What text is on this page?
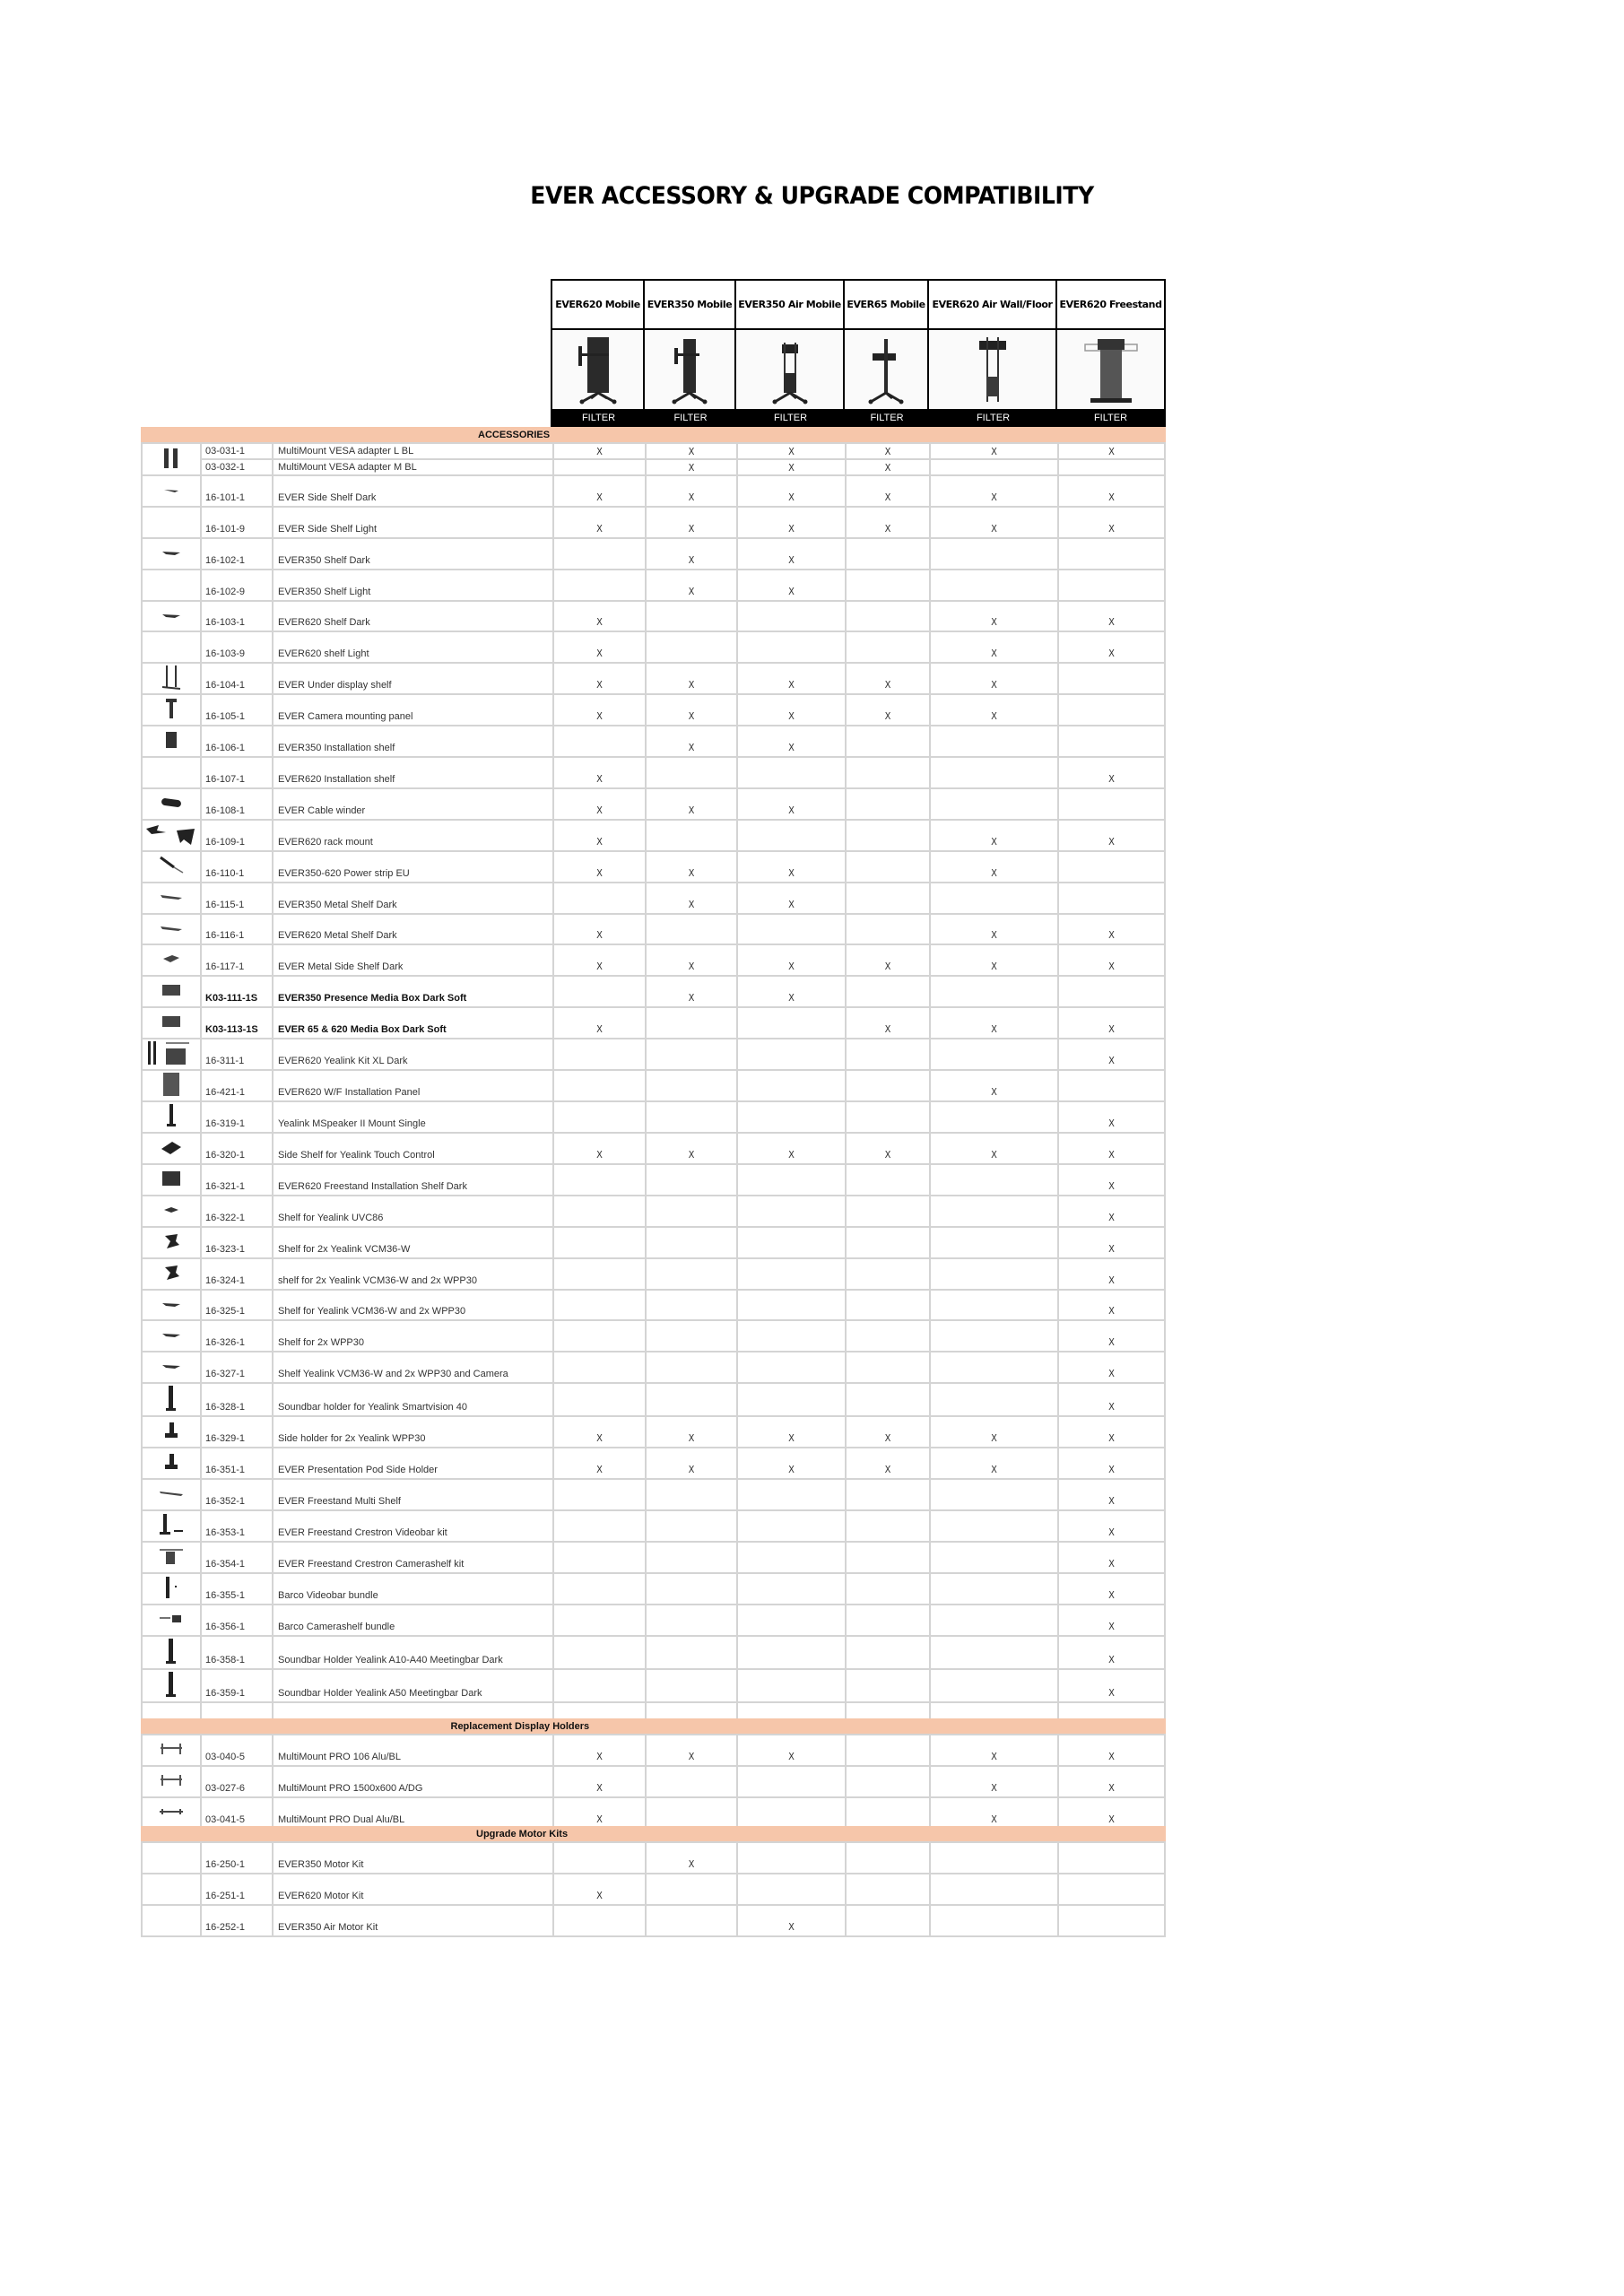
EVER ACCESSORY & UPGRADE COMPATIBILITY
EVER620 Mobile EVER350 Mobile EVER350 Air Mobile EVER65 Mobile EVER620 Air Wall/Floor EVER620 Freestand
FILTER	FILTER	FILTER	FILTER	FILTER	FILTER
ACCESSORIES
	03-031-1	MultiMount VESA adapter L BL	X	X	X	X	X	X
	03-032-1	MultiMount VESA adapter M BL		X	X	X		
	16-101-1	EVER Side Shelf Dark	X	X	X	X	X	X
	16-101-9	EVER Side Shelf Light	X	X	X	X	X	X
	16-102-1	EVER350 Shelf Dark		X	X			
	16-102-9	EVER350 Shelf Light		X	X			
	16-103-1	EVER620 Shelf Dark	X				X	X
	16-103-9	EVER620 shelf Light	X				X	X
	16-104-1	EVER Under display shelf	X	X	X	X	X	
	16-105-1	EVER Camera mounting panel	X	X	X	X	X	
	16-106-1	EVER350 Installation shelf		X	X			
	16-107-1	EVER620 Installation shelf	X					X
	16-108-1	EVER Cable winder	X	X	X			
	16-109-1	EVER620 rack mount	X				X	X
	16-110-1	EVER350-620 Power strip EU	X	X	X		X	
	16-115-1	EVER350 Metal Shelf Dark		X	X			
	16-116-1	EVER620 Metal Shelf Dark	X				X	X
	16-117-1	EVER Metal Side Shelf Dark	X	X	X	X	X	X
	K03-111-1S	EVER350 Presence Media Box Dark Soft		X	X			
	K03-113-1S	EVER 65 & 620 Media Box Dark Soft	X			X	X	X
	16-311-1	EVER620 Yealink Kit XL Dark						X
	16-421-1	EVER620 W/F Installation Panel					X	
	16-319-1	Yealink MSpeaker II Mount Single						X
	16-320-1	Side Shelf for Yealink Touch Control	X	X	X	X	X	X
	16-321-1	EVER620 Freestand Installation Shelf Dark						X
	16-322-1	Shelf for Yealink UVC86						X
	16-323-1	Shelf for 2x Yealink VCM36-W						X
	16-324-1	shelf for 2x Yealink VCM36-W and 2x WPP30						X
	16-325-1	Shelf for Yealink VCM36-W and 2x WPP30						X
	16-326-1	Shelf for 2x WPP30						X
	16-327-1	Shelf Yealink VCM36-W and 2x WPP30 and Camera						X
	16-328-1	Soundbar holder for Yealink Smartvision 40						X
	16-329-1	Side holder for 2x Yealink WPP30	X	X	X	X	X	X
	16-351-1	EVER Presentation Pod Side Holder	X	X	X	X	X	X
	16-352-1	EVER Freestand Multi Shelf						X
	16-353-1	EVER Freestand Crestron Videobar kit						X
	16-354-1	EVER Freestand Crestron Camerashelf kit						X
	16-355-1	Barco Videobar bundle						X
	16-356-1	Barco Camerashelf bundle						X
	16-358-1	Soundbar Holder Yealink A10-A40 Meetingbar Dark						X
	16-359-1	Soundbar Holder Yealink A50 Meetingbar Dark						X

Replacement Display Holders
	03-040-5	MultiMount PRO 106 Alu/BL	X	X	X		X	X
	03-027-6	MultiMount PRO 1500x600 A/DG	X				X	X
	03-041-5	MultiMount PRO Dual Alu/BL	X				X	X
Upgrade Motor Kits
	16-250-1	EVER350 Motor Kit		X				
	16-251-1	EVER620 Motor Kit	X					
	16-252-1	EVER350 Air Motor Kit			X			
